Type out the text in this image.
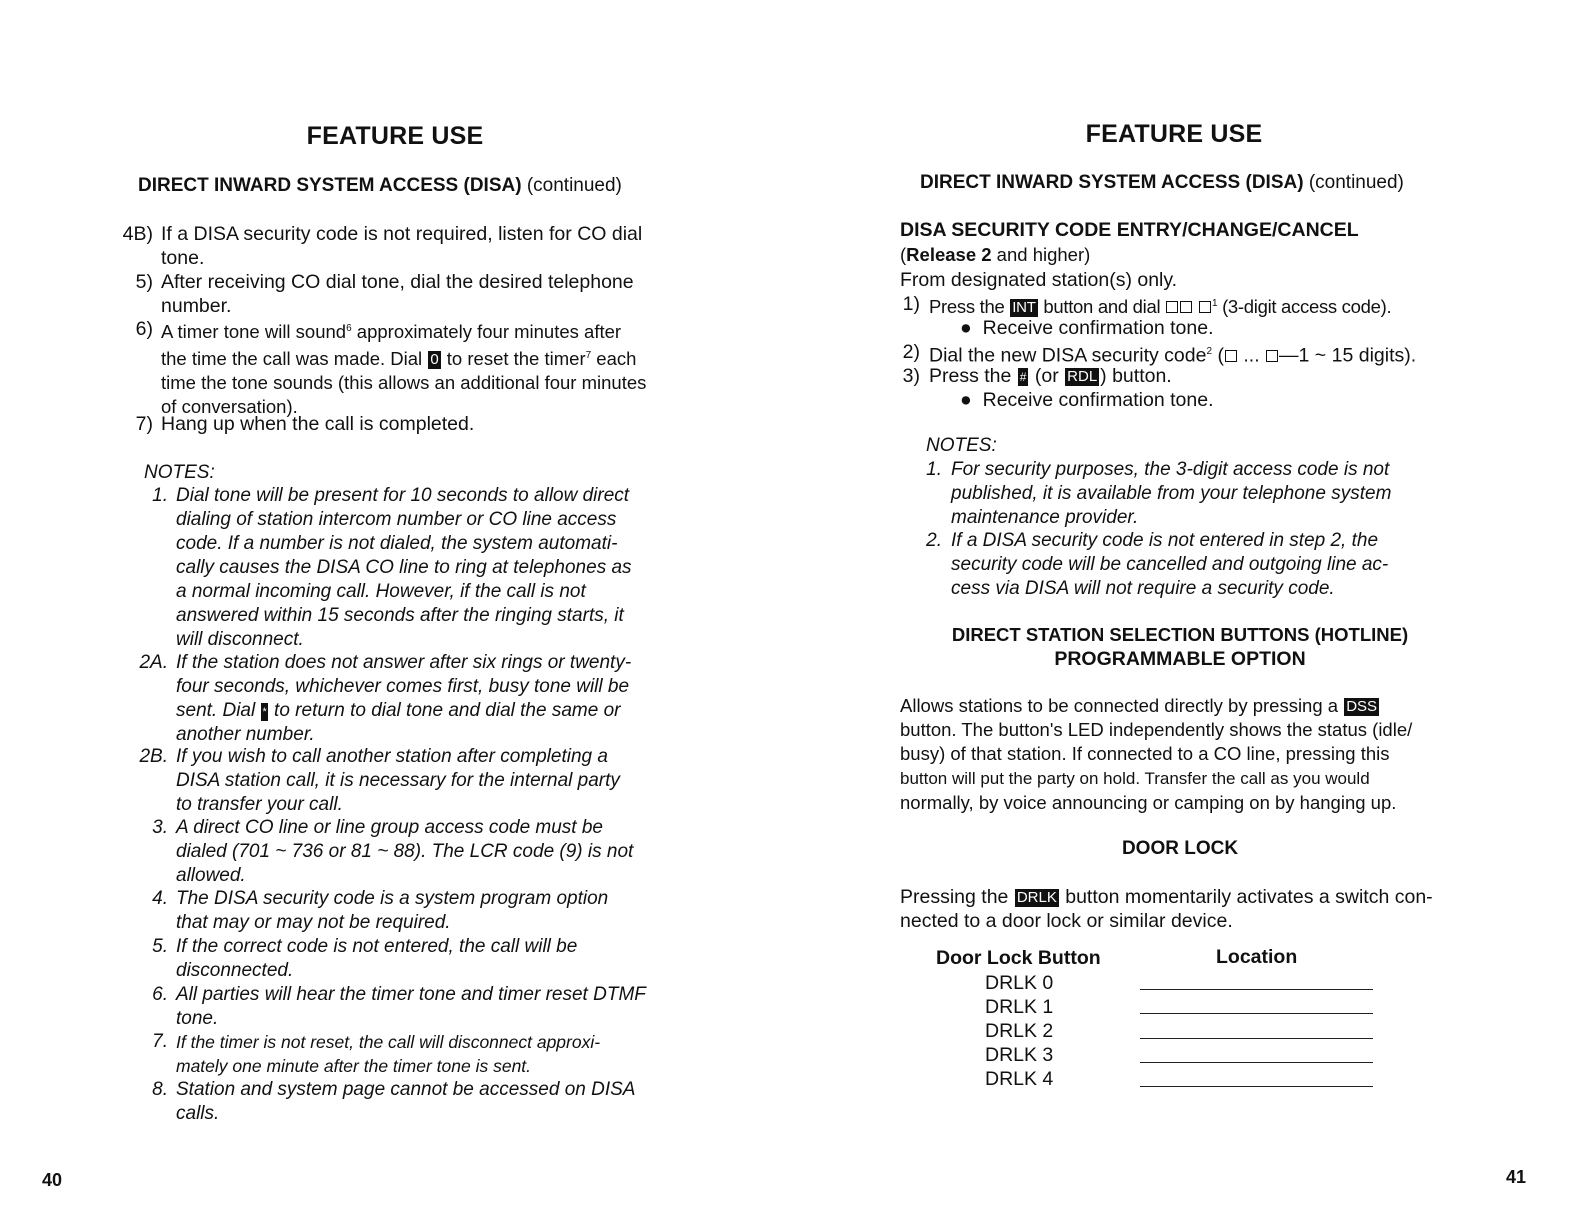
FEATURE USE
DIRECT INWARD SYSTEM ACCESS (DISA) (continued)
4B) If a DISA security code is not required, listen for CO dial
tone.
5) After receiving CO dial tone, dial the desired telephone
number.
6) A timer tone will sound$^6$ approximately four minutes after
the time the call was made. Dial 0 to reset the timer$^7$ each
time the tone sounds (this allows an additional four minutes
of conversation).
7) Hang up when the call is completed.
NOTES:
1. Dial tone will be present for 10 seconds to allow direct
dialing of station intercom number or CO line access
code. If a number is not dialed, the system automati-
cally causes the DISA CO line to ring at telephones as
a normal incoming call. However, if the call is not
answered within 15 seconds after the ringing starts, it
will disconnect.
2A. If the station does not answer after six rings or twenty-
four seconds, whichever comes first, busy tone will be
sent. Dial * to return to dial tone and dial the same or
another number.
2B. If you wish to call another station after completing a
DISA station call, it is necessary for the internal party
to transfer your call.
3. A direct CO line or line group access code must be
dialed (701 ~ 736 or 81 ~ 88). The LCR code (9) is not
allowed.
4. The DISA security code is a system program option
that may or may not be required.
5. If the correct code is not entered, the call will be
disconnected.
6. All parties will hear the timer tone and timer reset DTMF
tone.
7. If the timer is not reset, the call will disconnect approxi-
mately one minute after the timer tone is sent.
8. Station and system page cannot be accessed on DISA
calls.
40
FEATURE USE
DIRECT INWARD SYSTEM ACCESS (DISA) (continued)
DISA SECURITY CODE ENTRY/CHANGE/CANCEL
(Release 2 and higher)
From designated station(s) only.
1) Press the INT button and dial	$^1$ (3-digit access code).
● Receive confirmation tone.
2) Dial the new DISA security code$^2$ ( ... —1 ~ 15 digits).
3) Press the # (or RDL ) button.
● Receive confirmation tone.
NOTES:
1. For security purposes, the 3-digit access code is not
published, it is available from your telephone system
maintenance provider.
2. If a DISA security code is not entered in step 2, the
security code will be cancelled and outgoing line ac-
cess via DISA will not require a security code.
DIRECT STATION SELECTION BUTTONS (HOTLINE)
PROGRAMMABLE OPTION
Allows stations to be connected directly by pressing a DSS
button. The button's LED independently shows the status (idle/
busy) of that station. If connected to a CO line, pressing this
button will put the party on hold. Transfer the call as you would
normally, by voice announcing or camping on by hanging up.
DOOR LOCK
Pressing the DRLK button momentarily activates a switch con-
nected to a door lock or similar device.
Door Lock Button	Location
DRLK 0
DRLK 1
DRLK 2
DRLK 3
DRLK 4
41
